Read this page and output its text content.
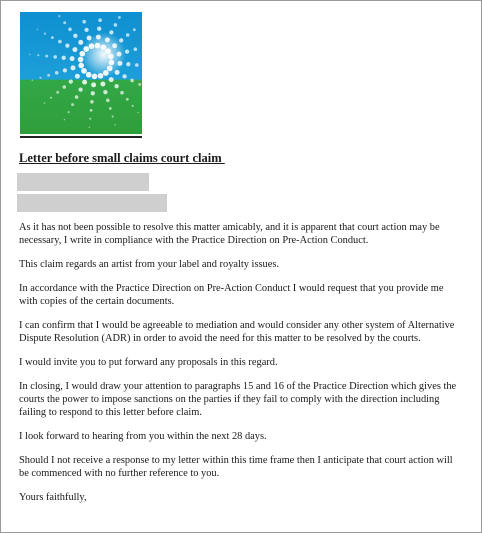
Letter before small claims court claim

As it has not been possible to resolve this matter amicably, and it is apparent that court action may be necessary, I write in compliance with the Practice Direction on Pre-Action Conduct.

This claim regards an artist from your label and royalty issues.

In accordance with the Practice Direction on Pre-Action Conduct I would request that you provide me with copies of the certain documents.

I can confirm that I would be agreeable to mediation and would consider any other system of Alternative Dispute Resolution (ADR) in order to avoid the need for this matter to be resolved by the courts.

I would invite you to put forward any proposals in this regard.

In closing, I would draw your attention to paragraphs 15 and 16 of the Practice Direction which gives the courts the power to impose sanctions on the parties if they fail to comply with the direction including failing to respond to this letter before claim.

I look forward to hearing from you within the next 28 days.

Should I not receive a response to my letter within this time frame then I anticipate that court action will be commenced with no further reference to you.

Yours faithfully,
